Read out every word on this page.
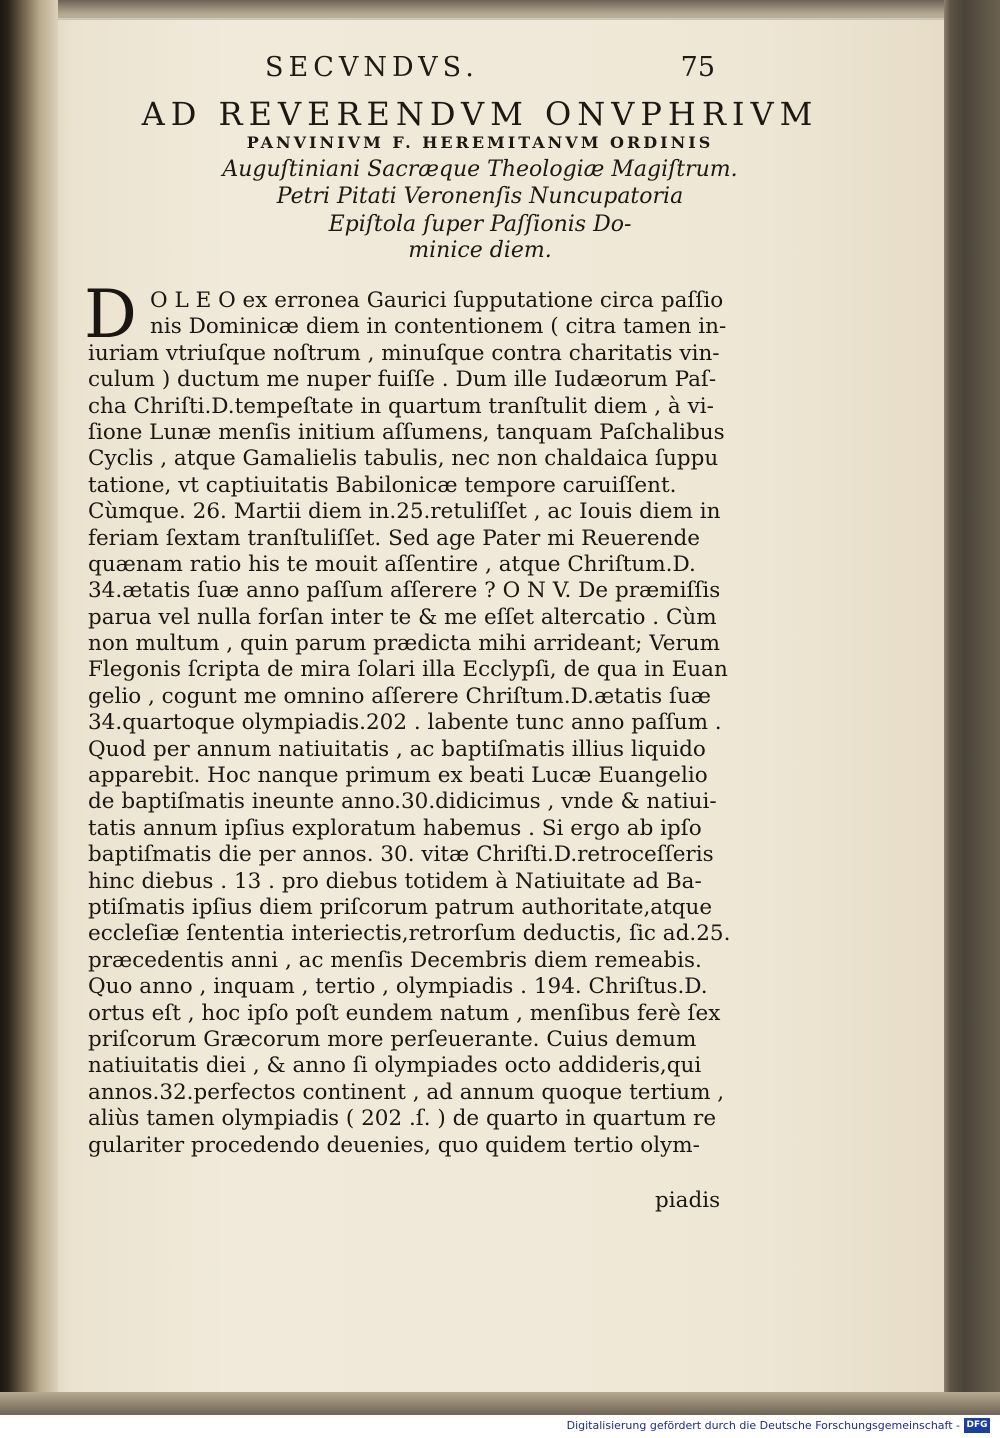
SECVNDVS.	75
AD REVERENDVM ONVPHRIVM
PANVINIVM F. HEREMITANVM ORDINIS
Auguſtiniani Sacræque Theologiæ Magiſtrum.
Petri Pitati Veronenſis Nuncupatoria
Epiſtola ſuper Paſſionis Do-
minice diem.
D O L E O ex erronea Gaurici ſupputatione circa paſſio
nis Dominicæ diem in contentionem ( citra tamen in-
iuriam vtriuſque noſtrum , minuſque contra charitatis vin-
culum ) ductum me nuper fuiſſe . Dum ille Iudæorum Paſ-
cha Chriſti.D.tempeſtate in quartum tranſtulit diem , à vi-
ſione Lunæ menſis initium aſſumens, tanquam Paſchalibus
Cyclis , atque Gamalielis tabulis, nec non chaldaica ſuppu
tatione, vt captiuitatis Babilonicæ tempore caruiſſent.
Cùmque. 26. Martii diem in.25.retuliſſet , ac Iouis diem in
feriam ſextam tranſtuliſſet. Sed age Pater mi Reuerende
quænam ratio his te mouit aſſentire , atque Chriſtum.D.
34.ætatis ſuæ anno paſſum aſſerere ? O N V. De præmiſſis
parua vel nulla forſan inter te & me eſſet altercatio . Cùm
non multum , quin parum prædicta mihi arrideant; Verum
Flegonis ſcripta de mira ſolari illa Ecclypſi, de qua in Euan
gelio , cogunt me omnino aſſerere Chriſtum.D.ætatis ſuæ
34.quartoque olympiadis.202 . labente tunc anno paſſum .
Quod per annum natiuitatis , ac baptiſmatis illius liquido
apparebit. Hoc nanque primum ex beati Lucæ Euangelio
de baptiſmatis ineunte anno.30.didicimus , vnde & natiui-
tatis annum ipſius exploratum habemus . Si ergo ab ipſo
baptiſmatis die per annos. 30. vitæ Chriſti.D.retroceſſeris
hinc diebus . 13 . pro diebus totidem à Natiuitate ad Ba-
ptiſmatis ipſius diem priſcorum patrum authoritate,atque
eccleſiæ ſententia interiectis,retrorſum deductis, ſic ad.25.
præcedentis anni , ac menſis Decembris diem remeabis.
Quo anno , inquam , tertio , olympiadis . 194. Chriſtus.D.
ortus eſt , hoc ipſo poſt eundem natum , menſibus ferè ſex
priſcorum Græcorum more perſeuerante. Cuius demum
natiuitatis diei , & anno ſi olympiades octo addideris,qui
annos.32.perfectos continent , ad annum quoque tertium ,
aliùs tamen olympiadis ( 202 .ſ. ) de quarto in quartum re
gulariter procedendo deuenies, quo quidem tertio olym-
piadis
Digitalisierung gefördert durch die Deutsche Forschungsgemeinschaft - DFG
